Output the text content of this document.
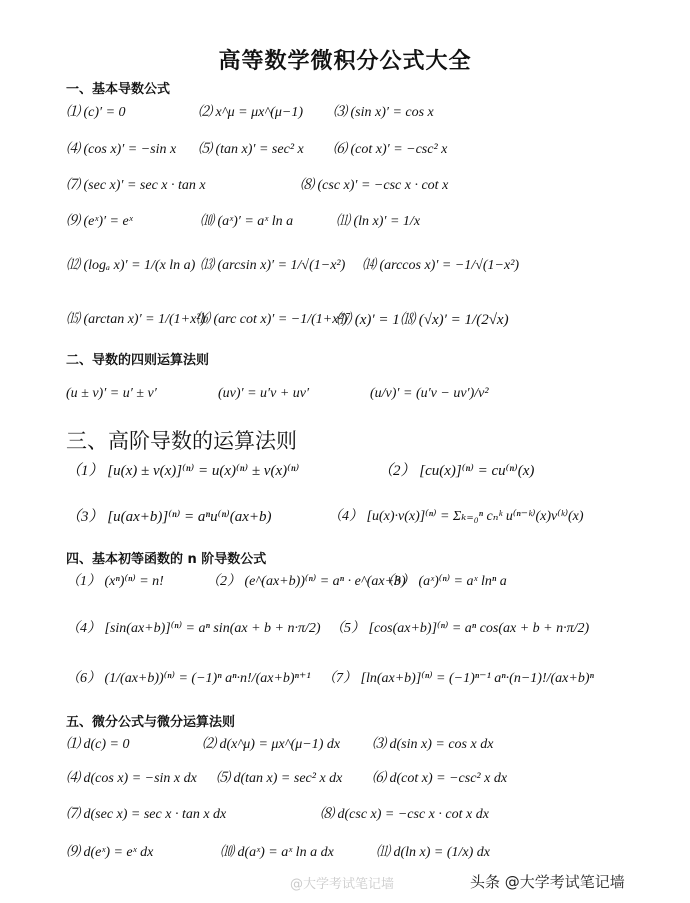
高等数学微积分公式大全
一、基本导数公式
⑴ (c)′ = 0	⑵ x^μ = μx^(μ−1) ⑶ (sin x)′ = cos x
⑷ (cos x)′ = −sin x ⑸ (tan x)′ = sec² x ⑹ (cot x)′ = −csc² x
⑺ (sec x)′ = sec x · tan x	⑻ (csc x)′ = −csc x · cot x
⑼ (eˣ)′ = eˣ	⑽ (aˣ)′ = aˣ ln a	⑾ (ln x)′ = 1/x
⑿ (logₐ x)′ = 1/(x ln a) ⒀ (arcsin x)′ = 1/√(1−x²) ⒁ (arccos x)′ = −1/√(1−x²)
⒂ (arctan x)′ = 1/(1+x²)
⒃ (arc cot x)′ = −1/(1+x²)
⒄ (x)′ = 1 ⒅ (√x)′ = 1/(2√x)
二、导数的四则运算法则
(u ± v)′ = u′ ± v′	(uv)′ = u′v + uv′	(u/v)′ = (u′v − uv′)/v²
三、高阶导数的运算法则
（1） [u(x) ± v(x)]⁽ⁿ⁾ = u(x)⁽ⁿ⁾ ± v(x)⁽ⁿ⁾	（2） [cu(x)]⁽ⁿ⁾ = cu⁽ⁿ⁾(x)
（3） [u(ax+b)]⁽ⁿ⁾ = aⁿu⁽ⁿ⁾(ax+b)	（4） [u(x)·v(x)]⁽ⁿ⁾ = Σₖ₌₀ⁿ cₙᵏ u⁽ⁿ⁻ᵏ⁾(x)v⁽ᵏ⁾(x)
四、基本初等函数的 n 阶导数公式
（1） (xⁿ)⁽ⁿ⁾ = n!	（2） (e^(ax+b))⁽ⁿ⁾ = aⁿ · e^(ax+b)
（3） (aˣ)⁽ⁿ⁾ = aˣ lnⁿ a
（4） [sin(ax+b)]⁽ⁿ⁾ = aⁿ sin(ax + b + n·π/2) （5） [cos(ax+b)]⁽ⁿ⁾ = aⁿ cos(ax + b + n·π/2)
（6） (1/(ax+b))⁽ⁿ⁾ = (−1)ⁿ aⁿ·n!/(ax+b)ⁿ⁺¹ （7） [ln(ax+b)]⁽ⁿ⁾ = (−1)ⁿ⁻¹ aⁿ·(n−1)!/(ax+b)ⁿ
五、微分公式与微分运算法则
⑴ d(c) = 0	⑵ d(x^μ) = μx^(μ−1) dx ⑶ d(sin x) = cos x dx
⑷ d(cos x) = −sin x dx ⑸ d(tan x) = sec² x dx ⑹ d(cot x) = −csc² x dx
⑺ d(sec x) = sec x · tan x dx	⑻ d(csc x) = −csc x · cot x dx
⑼ d(eˣ) = eˣ dx	⑽ d(aˣ) = aˣ ln a dx	⑾ d(ln x) = (1/x) dx
@大学考试笔记墙	头条 @大学考试笔记墙
